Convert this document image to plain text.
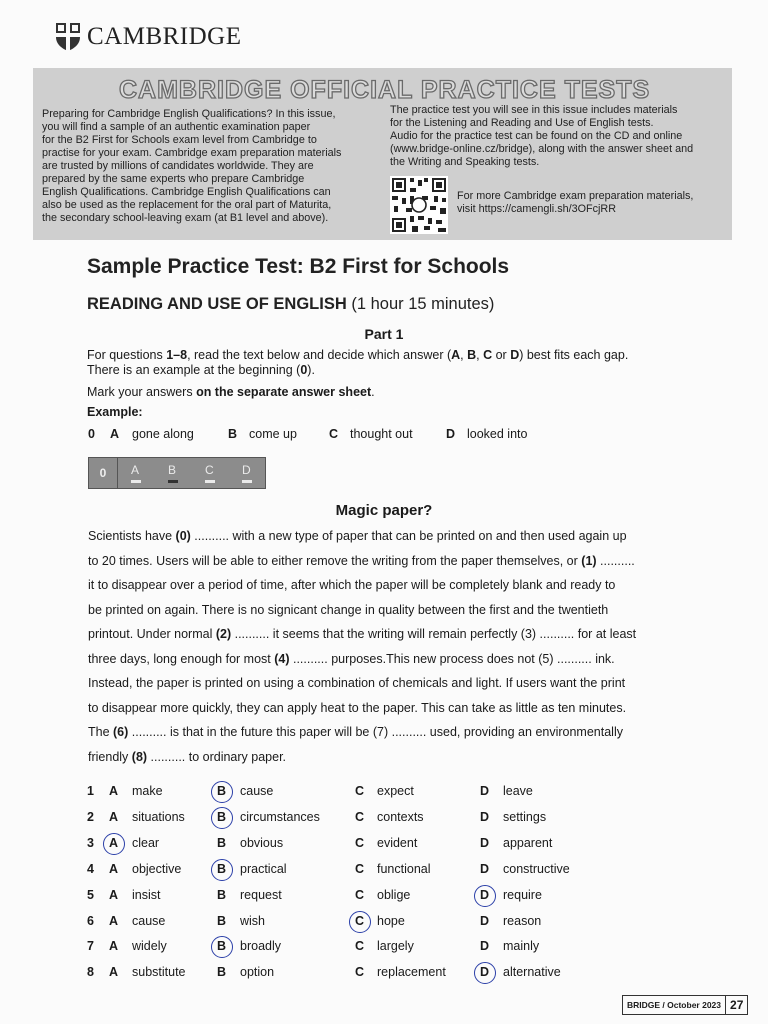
CAMBRIDGE
CAMBRIDGE OFFICIAL PRACTICE TESTS
Preparing for Cambridge English Qualifications? In this issue,
you will find a sample of an authentic examination paper
for the B2 First for Schools exam level from Cambridge to
practise for your exam. Cambridge exam preparation materials
are trusted by millions of candidates worldwide. They are
prepared by the same experts who prepare Cambridge
English Qualifications. Cambridge English Qualifications can
also be used as the replacement for the oral part of Maturita,
the secondary school-leaving exam (at B1 level and above).
The practice test you will see in this issue includes materials
for the Listening and Reading and Use of English tests.
Audio for the practice test can be found on the CD and online
(www.bridge-online.cz/bridge), along with the answer sheet and
the Writing and Speaking tests.
For more Cambridge exam preparation materials,
visit https://camengli.sh/3OFcjRR
Sample Practice Test: B2 First for Schools
READING AND USE OF ENGLISH (1 hour 15 minutes)
Part 1
For questions 1–8, read the text below and decide which answer (A, B, C or D) best fits each gap.
There is an example at the beginning (0).
Mark your answers on the separate answer sheet.
Example:
0 A gone along	B come up	C thought out	D looked into
0	A B C D
Magic paper?
Scientists have (0) .......... with a new type of paper that can be printed on and then used again up
to 20 times. Users will be able to either remove the writing from the paper themselves, or (1) ..........
it to disappear over a period of time, after which the paper will be completely blank and ready to
be printed on again. There is no signicant change in quality between the first and the twentieth
printout. Under normal (2) .......... it seems that the writing will remain perfectly (3) .......... for at least
three days, long enough for most (4) .......... purposes.This new process does not (5) .......... ink.
Instead, the paper is printed on using a combination of chemicals and light. If users want the print
to disappear more quickly, they can apply heat to the paper. This can take as little as ten minutes.
The (6) .......... is that in the future this paper will be (7) .......... used, providing an environmentally
friendly (8) .......... to ordinary paper.
1 A make	B cause	C expect	D leave
2 A situations	B circumstances	C contexts	D settings
3 A clear	B obvious	C evident	D apparent
4 A objective	B practical	C functional	D constructive
5 A insist	B request	C oblige	D require
6 A cause	B wish	C hope	D reason
7 A widely	B broadly	C largely	D mainly
8 A substitute	B option	C replacement	D alternative
BRIDGE / October 2023 27
